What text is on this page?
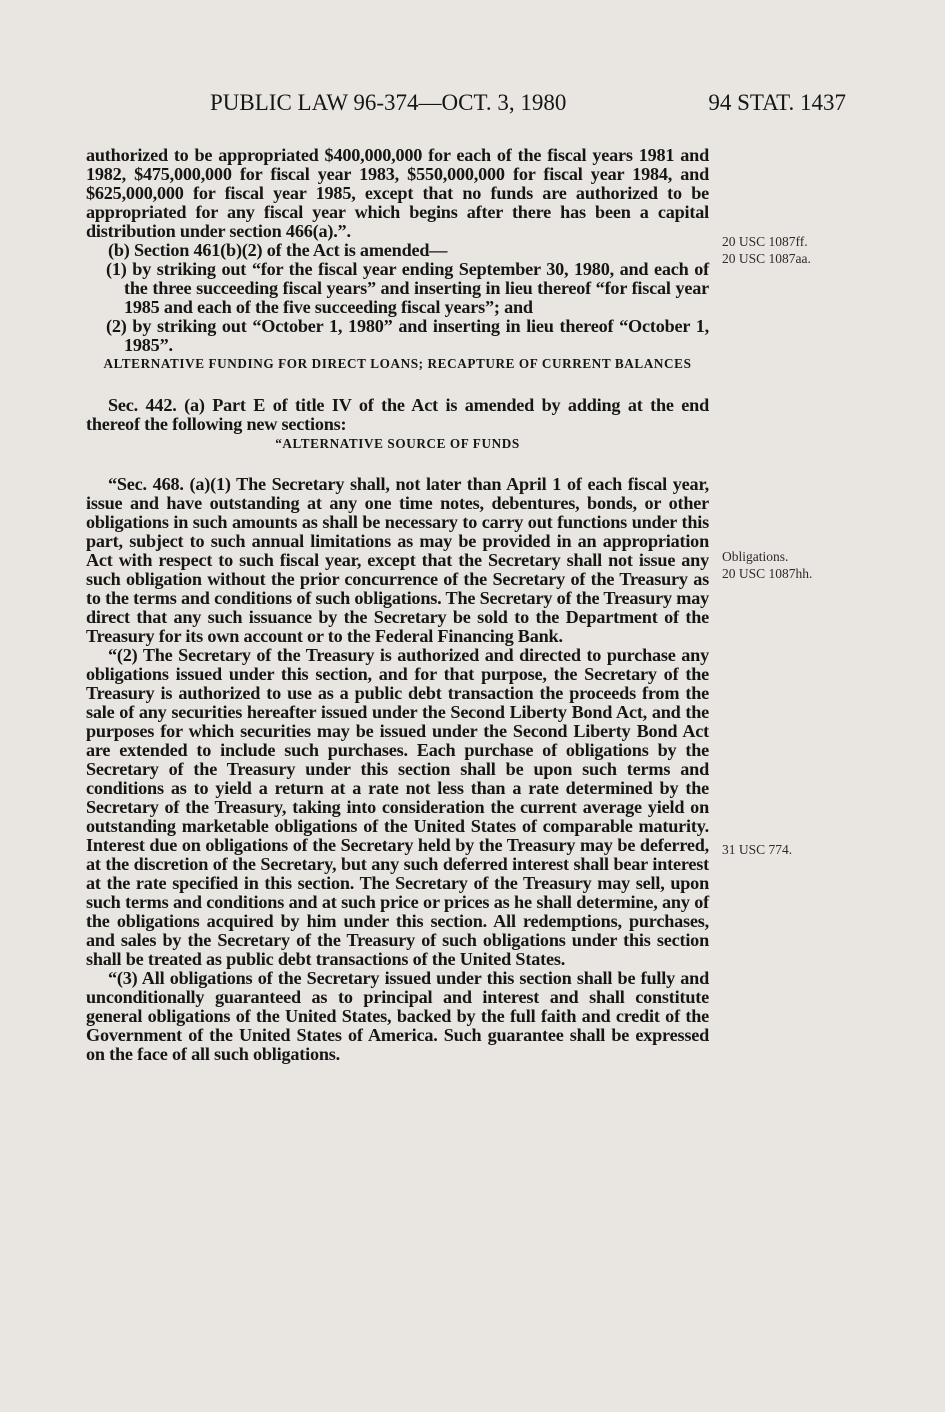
PUBLIC LAW 96-374—OCT. 3, 1980	94 STAT. 1437

authorized to be appropriated $400,000,000 for each of the fiscal years 1981 and 1982, $475,000,000 for fiscal year 1983, $550,000,000 for fiscal year 1984, and $625,000,000 for fiscal year 1985, except that no funds are authorized to be appropriated for any fiscal year which begins after there has been a capital distribution under section 466(a).”.

(b) Section 461(b)(2) of the Act is amended—

(1) by striking out “for the fiscal year ending September 30, 1980, and each of the three succeeding fiscal years” and inserting in lieu thereof “for fiscal year 1985 and each of the five succeeding fiscal years”; and

(2) by striking out “October 1, 1980” and inserting in lieu thereof “October 1, 1985”.

ALTERNATIVE FUNDING FOR DIRECT LOANS; RECAPTURE OF CURRENT BALANCES

Sec. 442. (a) Part E of title IV of the Act is amended by adding at the end thereof the following new sections:

“ALTERNATIVE SOURCE OF FUNDS

“Sec. 468. (a)(1) The Secretary shall, not later than April 1 of each fiscal year, issue and have outstanding at any one time notes, debentures, bonds, or other obligations in such amounts as shall be necessary to carry out functions under this part, subject to such annual limitations as may be provided in an appropriation Act with respect to such fiscal year, except that the Secretary shall not issue any such obligation without the prior concurrence of the Secretary of the Treasury as to the terms and conditions of such obligations. The Secretary of the Treasury may direct that any such issuance by the Secretary be sold to the Department of the Treasury for its own account or to the Federal Financing Bank.

“(2) The Secretary of the Treasury is authorized and directed to purchase any obligations issued under this section, and for that purpose, the Secretary of the Treasury is authorized to use as a public debt transaction the proceeds from the sale of any securities hereafter issued under the Second Liberty Bond Act, and the purposes for which securities may be issued under the Second Liberty Bond Act are extended to include such purchases. Each purchase of obligations by the Secretary of the Treasury under this section shall be upon such terms and conditions as to yield a return at a rate not less than a rate determined by the Secretary of the Treasury, taking into consideration the current average yield on outstanding marketable obligations of the United States of comparable maturity. Interest due on obligations of the Secretary held by the Treasury may be deferred, at the discretion of the Secretary, but any such deferred interest shall bear interest at the rate specified in this section. The Secretary of the Treasury may sell, upon such terms and conditions and at such price or prices as he shall determine, any of the obligations acquired by him under this section. All redemptions, purchases, and sales by the Secretary of the Treasury of such obligations under this section shall be treated as public debt transactions of the United States.

“(3) All obligations of the Secretary issued under this section shall be fully and unconditionally guaranteed as to principal and interest and shall constitute general obligations of the United States, backed by the full faith and credit of the Government of the United States of America. Such guarantee shall be expressed on the face of all such obligations.

20 USC 1087ff.
20 USC 1087aa.
Obligations.
20 USC 1087hh.
31 USC 774.
